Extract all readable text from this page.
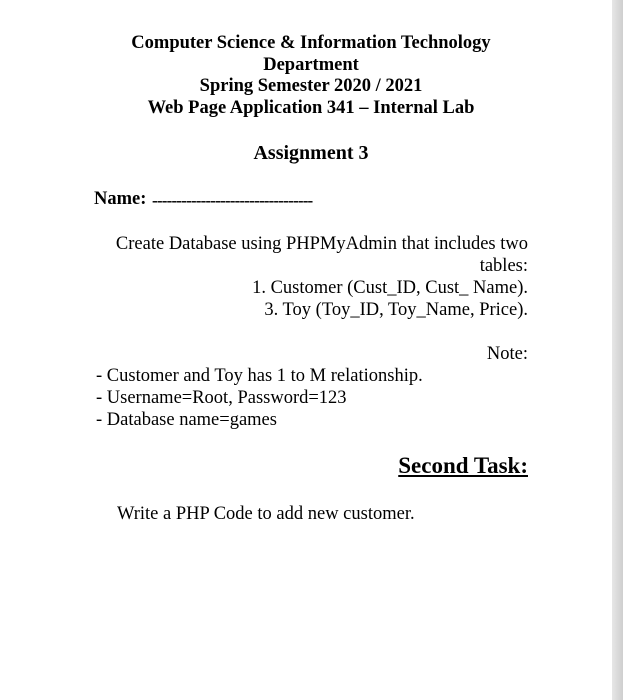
Computer Science & Information Technology
Department
Spring Semester 2020 / 2021
Web Page Application 341 – Internal Lab
Assignment 3
Name: ---------------------------------
Create Database using PHPMyAdmin that includes two
tables:
1. Customer (Cust_ID, Cust_ Name).
3. Toy (Toy_ID, Toy_Name, Price).
Note:
- Customer and Toy has 1 to M relationship.
- Username=Root, Password=123
- Database name=games
Second Task:
Write a PHP Code to add new customer.
